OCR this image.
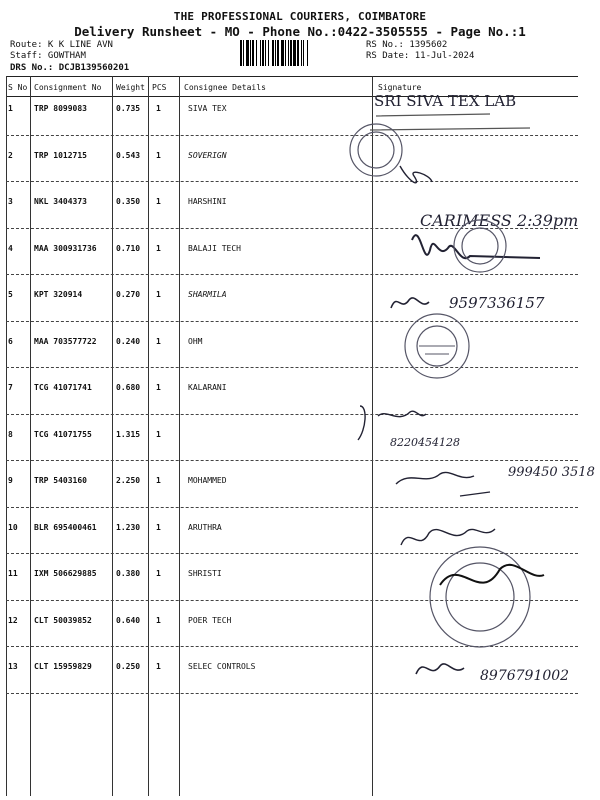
THE PROFESSIONAL COURIERS, COIMBATORE
Delivery Runsheet - MO - Phone No.:0422-3505555 - Page No.:1
Route: K K LINE AVN
Staff: GOWTHAM
DRS No.: DCJB139560201
RS No.: 1395602
RS Date: 11-Jul-2024
S No Consignment No Weight PCS Consignee Details	Signature
1	TRP 8099083	0.735 1	SIVA TEX
2	TRP 1012715	0.543 1	SOVERIGN
3	NKL 3404373	0.350 1	HARSHINI
4	MAA 300931736 0.710 1	BALAJI TECH
5	KPT 320914	0.270 1	SHARMILA
6	MAA 703577722 0.240 1	OHM
7	TCG 41071741	0.680 1	KALARANI
8	TCG 41071755	1.315 1
9	TRP 5403160	2.250 1	MOHAMMED
10 BLR 695400461 1.230 1	ARUTHRA
11 IXM 506629885 0.380 1	SHRISTI
12 CLT 50039852	0.640 1	POER TECH
13 CLT 15959829	0.250 1	SELEC CONTROLS
SRI SIVA TEX LAB
CARIMESS 2:39pm
9597336157
8220454128
999450 3518
8976791002
